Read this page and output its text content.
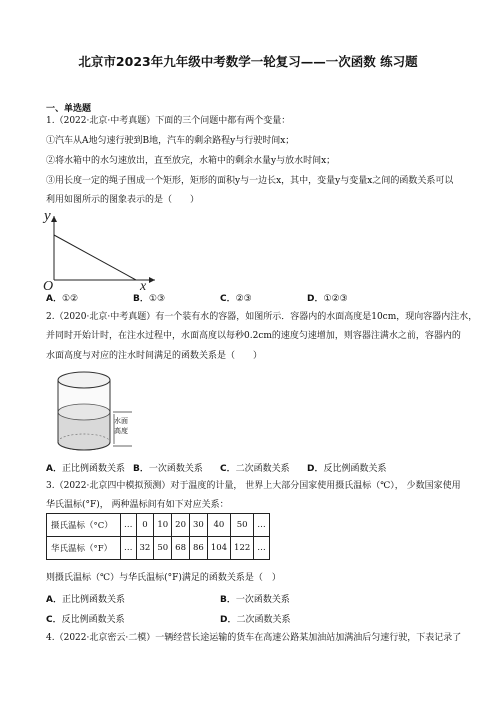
北京市2023年九年级中考数学一轮复习——一次函数 练习题
一、单选题
1.（2022·北京·中考真题）下面的三个问题中都有两个变量：
①汽车从A地匀速行驶到B地，汽车的剩余路程y与行驶时间x；
②将水箱中的水匀速放出，直至放完，水箱中的剩余水量y与放水时间x；
③用长度一定的绳子围成一个矩形，矩形的面积y与一边长x，其中，变量y与变量x之间的函数关系可以
利用如图所示的图象表示的是（　　）
y
x
O
A．①②	B．①③	C．②③	D．①②③
2.（2020·北京·中考真题）有一个装有水的容器，如图所示．容器内的水面高度是10cm，现向容器内注水，
并同时开始计时，在注水过程中，水面高度以每秒0.2cm的速度匀速增加，则容器注满水之前，容器内的
水面高度与对应的注水时间满足的函数关系是（　　）
水面
高度
A．正比例函数关系 B．一次函数关系 C．二次函数关系 D．反比例函数关系
3.（2022·北京四中模拟预测）对于温度的计量， 世界上大部分国家使用摄氏温标（℃）， 少数国家使用
华氏温标(°F)， 两种温标间有如下对应关系：
摄氏温标（°C）	…	0	10	20	30	40	50	…
华氏温标（°F）	…	32	50	68	86	104	122	…
则摄氏温标（℃）与华氏温标(°F)满足的函数关系是（　）
A．正比例函数关系	B．一次函数关系
C．反比例函数关系	D．二次函数关系
4.（2022·北京密云·二模）一辆经营长途运输的货车在高速公路某加油站加满油后匀速行驶，下表记录了
